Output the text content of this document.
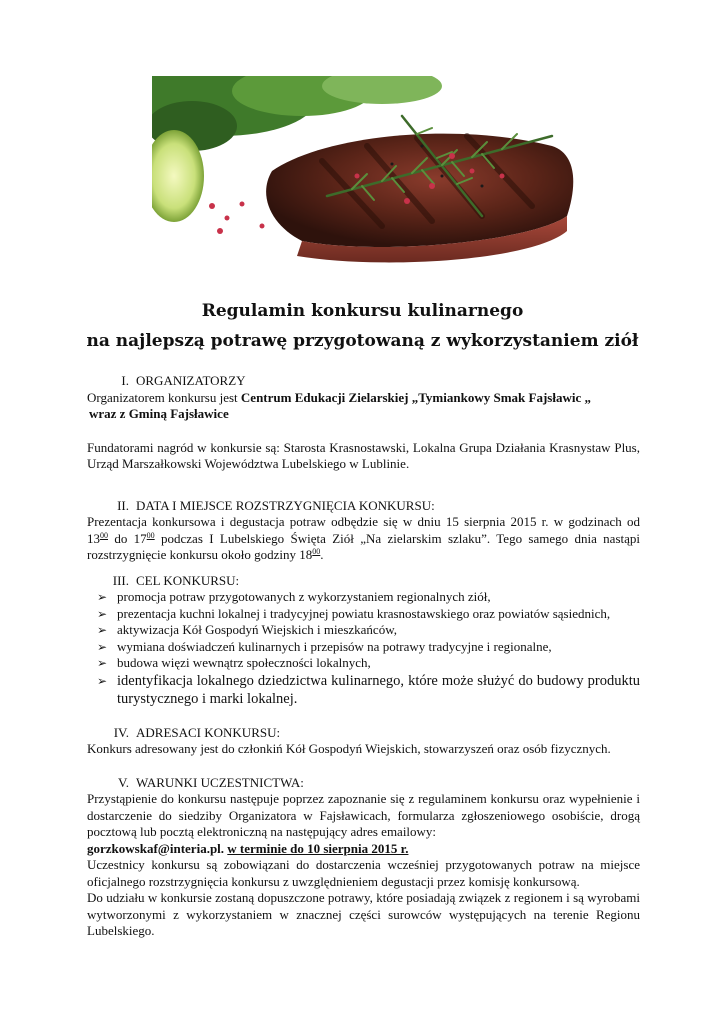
Regulamin konkursu kulinarnego
na najlepszą potrawę przygotowaną z wykorzystaniem ziół
I. ORGANIZATORZY

Organizatorem konkursu jest Centrum Edukacji Zielarskiej „Tymiankowy Smak Fajsławic „
wraz z Gminą Fajsławice

Fundatorami nagród w konkursie są: Starosta Krasnostawski, Lokalna Grupa Działania Krasnystaw Plus, Urząd Marszałkowski Województwa Lubelskiego w Lublinie.

II. DATA I MIEJSCE ROZSTRZYGNIĘCIA KONKURSU:

Prezentacja konkursowa i degustacja potraw odbędzie się w dniu 15 sierpnia 2015 r. w godzinach od

$13^{00}$ do $17^{00}$ podczas I Lubelskiego Święta Ziół „Na zielarskim szlaku”. Tego samego dnia nastąpi

rozstrzygnięcie konkursu około godziny $18^{00}$.

III. CEL KONKURSU:
➢ promocja potraw przygotowanych z wykorzystaniem regionalnych ziół,
➢ prezentacja kuchni lokalnej i tradycyjnej powiatu krasnostawskiego oraz powiatów sąsiednich,
➢ aktywizacja Kół Gospodyń Wiejskich i mieszkańców,
➢ wymiana doświadczeń kulinarnych i przepisów na potrawy tradycyjne i regionalne,
➢ budowa więzi wewnątrz społeczności lokalnych,
➢ identyfikacja lokalnego dziedzictwa kulinarnego, które może służyć do budowy produktu turystycznego i marki lokalnej.
IV. ADRESACI KONKURSU:

Konkurs adresowany jest do członkiń Kół Gospodyń Wiejskich, stowarzyszeń oraz osób fizycznych.

V. WARUNKI UCZESTNICTWA:

Przystąpienie do konkursu następuje poprzez zapoznanie się z regulaminem konkursu oraz wypełnienie i dostarczenie do siedziby Organizatora w Fajsławicach, formularza zgłoszeniowego osobiście, drogą pocztową lub pocztą elektroniczną na następujący adres emailowy:

gorzkowskaf@interia.pl. w terminie do 10 sierpnia 2015 r.

Uczestnicy konkursu są zobowiązani do dostarczenia wcześniej przygotowanych potraw na miejsce oficjalnego rozstrzygnięcia konkursu z uwzględnieniem degustacji przez komisję konkursową.

Do udziału w konkursie zostaną dopuszczone potrawy, które posiadają związek z regionem i są wyrobami wytworzonymi z wykorzystaniem w znacznej części surowców występujących na terenie Regionu Lubelskiego.
